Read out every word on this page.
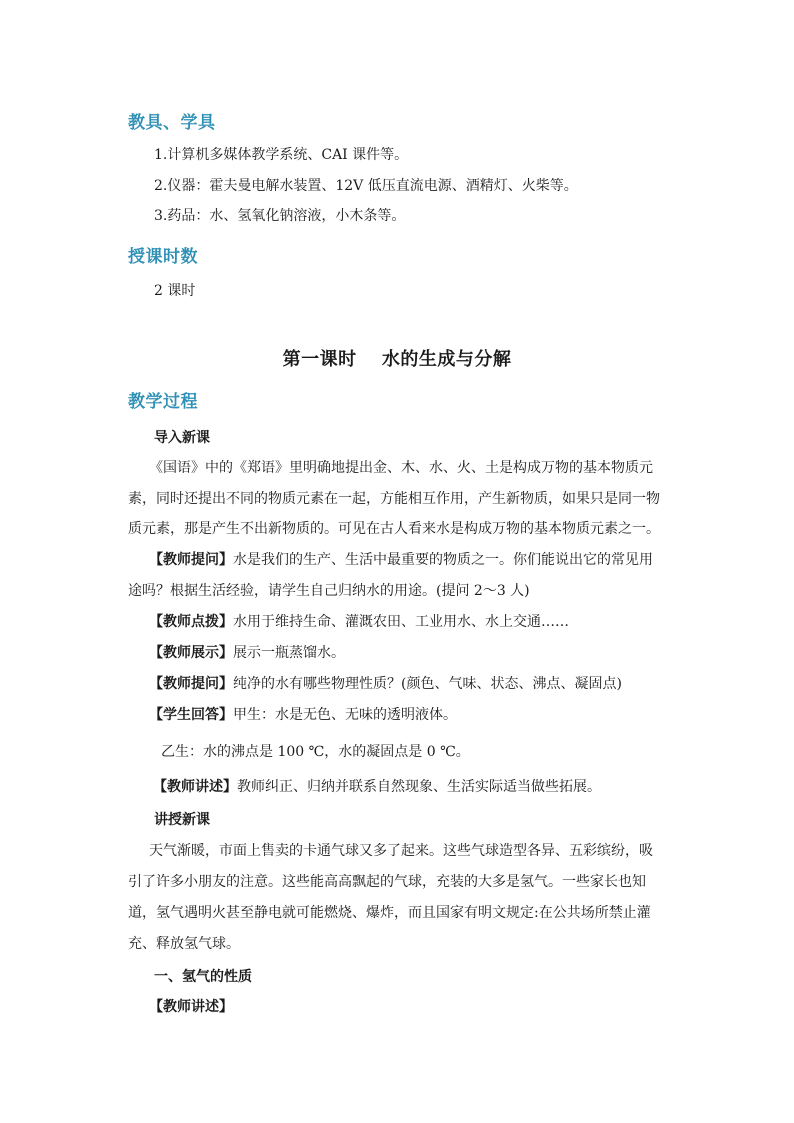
教具、学具
1.计算机多媒体教学系统、CAI 课件等。
2.仪器：霍夫曼电解水装置、12V 低压直流电源、酒精灯、火柴等。
3.药品：水、氢氧化钠溶液，小木条等。
授课时数
2 课时
第一课时　 水的生成与分解
教学过程
导入新课
《国语》中的《郑语》里明确地提出金、木、水、火、土是构成万物的基本物质元
素，同时还提出不同的物质元素在一起，方能相互作用，产生新物质，如果只是同一物
质元素，那是产生不出新物质的。可见在古人看来水是构成万物的基本物质元素之一。
【教师提问】水是我们的生产、生活中最重要的物质之一。你们能说出它的常见用
途吗？根据生活经验，请学生自己归纳水的用途。(提问 2～3 人)
【教师点拨】水用于维持生命、灌溉农田、工业用水、水上交通……
【教师展示】展示一瓶蒸馏水。
【教师提问】纯净的水有哪些物理性质？(颜色、气味、状态、沸点、凝固点)
【学生回答】甲生：水是无色、无味的透明液体。
乙生：水的沸点是 100 ℃，水的凝固点是 0 ℃。
【教师讲述】教师纠正、归纳并联系自然现象、生活实际适当做些拓展。
讲授新课
天气渐暖，市面上售卖的卡通气球又多了起来。这些气球造型各异、五彩缤纷，吸
引了许多小朋友的注意。这些能高高飘起的气球，充装的大多是氢气。一些家长也知
道，氢气遇明火甚至静电就可能燃烧、爆炸，而且国家有明文规定:在公共场所禁止灌
充、释放氢气球。
一、氢气的性质
【教师讲述】
